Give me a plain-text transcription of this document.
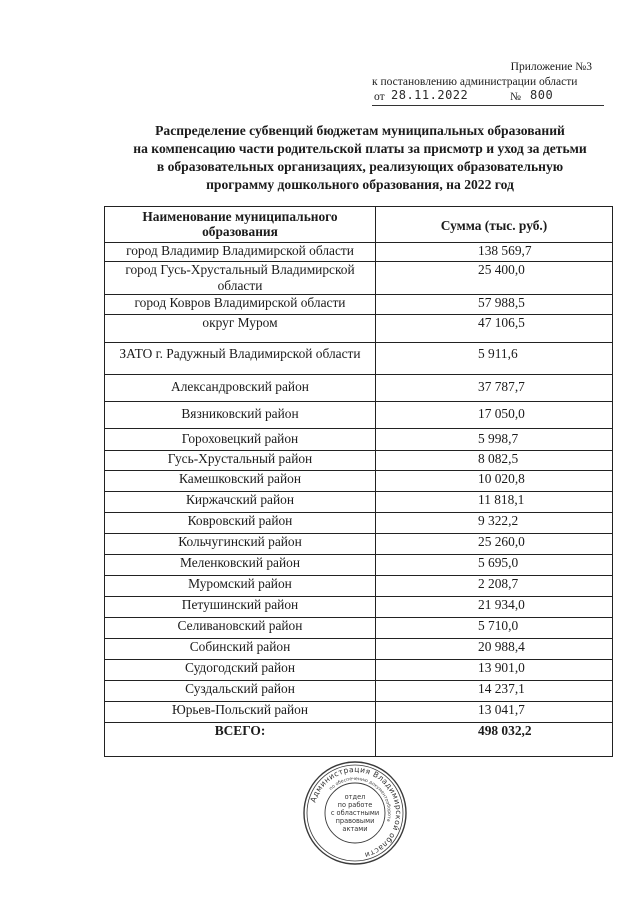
Приложение №3
к постановлению администрации области
от 28.11.2022	№ 800
Распределение субвенций бюджетам муниципальных образований
на компенсацию части родительской платы за присмотр и уход за детьми
в образовательных организациях, реализующих образовательную
программу дошкольного образования, на 2022 год
Наименование муниципального образования	Сумма (тыс. руб.)
город Владимир Владимирской области	138 569,7
город Гусь-Хрустальный Владимирской области	25 400,0
город Ковров Владимирской области	57 988,5
округ Муром	47 106,5
ЗАТО г. Радужный Владимирской области	5 911,6
Александровский район	37 787,7
Вязниковский район	17 050,0
Гороховецкий район	5 998,7
Гусь-Хрустальный район	8 082,5
Камешковский район	10 020,8
Киржачский район	11 818,1
Ковровский район	9 322,2
Кольчугинский район	25 260,0
Меленковский район	5 695,0
Муромский район	2 208,7
Петушинский район	21 934,0
Селивановский район	5 710,0
Собинский район	20 988,4
Судогодский район	13 901,0
Суздальский район	14 237,1
Юрьев-Польский район	13 041,7
ВСЕГО:	498 032,2
Администрация Владимирской области
по обеспечению документооборота
отдел
по работе
с областными
правовыми
актами
